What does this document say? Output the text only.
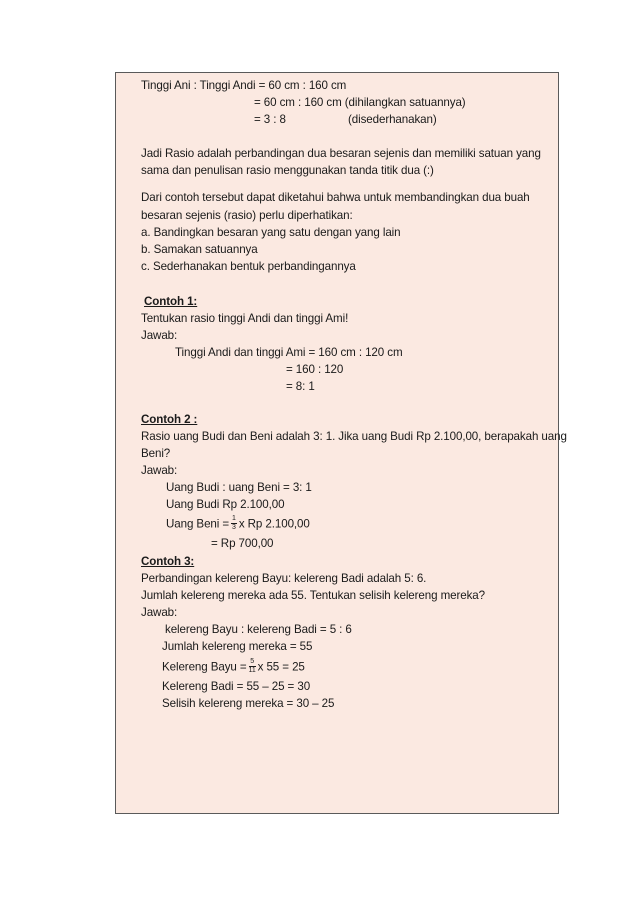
Tinggi Ani : Tinggi Andi = 60 cm : 160 cm
= 60 cm : 160 cm (dihilangkan satuannya)
= 3 : 8	(disederhanakan)
Jadi Rasio adalah perbandingan dua besaran sejenis dan memiliki satuan yang
sama dan penulisan rasio menggunakan tanda titik dua (:)
Dari contoh tersebut dapat diketahui bahwa untuk membandingkan dua buah
besaran sejenis (rasio) perlu diperhatikan:
a. Bandingkan besaran yang satu dengan yang lain
b. Samakan satuannya
c. Sederhanakan bentuk perbandingannya
Contoh 1:
Tentukan rasio tinggi Andi dan tinggi Ami!
Jawab:
Tinggi Andi dan tinggi Ami = 160 cm : 120 cm
= 160 : 120
= 8: 1
Contoh 2 :
Rasio uang Budi dan Beni adalah 3: 1. Jika uang Budi Rp 2.100,00, berapakah uang
Beni?
Jawab:
Uang Budi : uang Beni = 3: 1
Uang Budi Rp 2.100,00
Uang Beni = $\frac{1}{3}$ x Rp 2.100,00
= Rp 700,00
Contoh 3:
Perbandingan kelereng Bayu: kelereng Badi adalah 5: 6.
Jumlah kelereng mereka ada 55. Tentukan selisih kelereng mereka?
Jawab:
kelereng Bayu : kelereng Badi = 5 : 6
Jumlah kelereng mereka = 55
Kelereng Bayu = $\frac{5}{11}$ x 55 = 25
Kelereng Badi = 55 – 25 = 30
Selisih kelereng mereka = 30 – 25
